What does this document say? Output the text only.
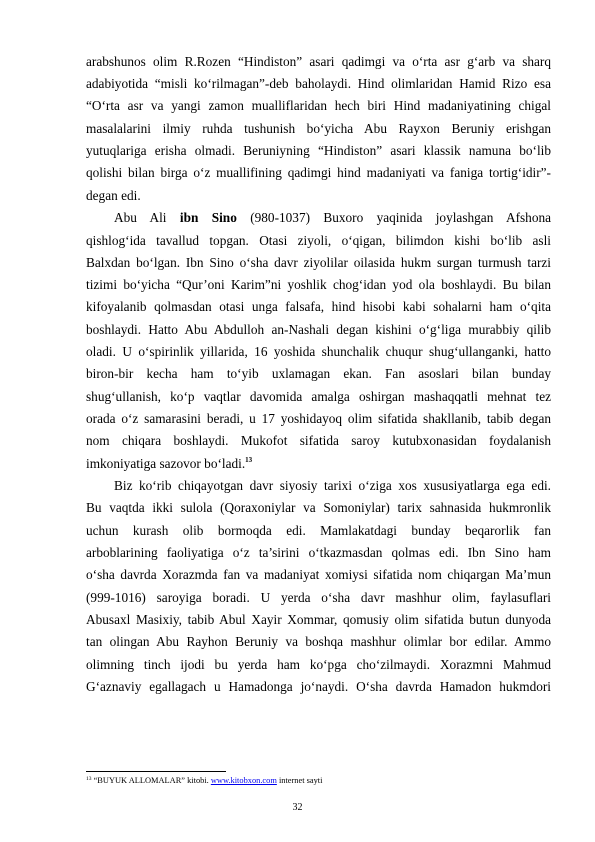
arabshunos olim R.Rozen “Hindiston” asari qadimgi va o‘rta asr g‘arb va sharq
adabiyotida “misli ko‘rilmagan”-deb baholaydi. Hind olimlaridan Hamid Rizo esa
“O‘rta asr va yangi zamon mualliflaridan hech biri Hind madaniyatining chigal
masalalarini ilmiy ruhda tushunish bo‘yicha Abu Rayxon Beruniy erishgan
yutuqlariga erisha olmadi. Beruniyning “Hindiston” asari klassik namuna bo‘lib
qolishi bilan birga o‘z muallifining qadimgi hind madaniyati va faniga tortig‘idir”-
degan edi.
Abu Ali ibn Sino (980-1037) Buxoro yaqinida joylashgan Afshona
qishlog‘ida tavallud topgan. Otasi ziyoli, o‘qigan, bilimdon kishi bo‘lib asli
Balxdan bo‘lgan. Ibn Sino o‘sha davr ziyolilar oilasida hukm surgan turmush tarzi
tizimi bo‘yicha “Qur’oni Karim”ni yoshlik chog‘idan yod ola boshlaydi. Bu bilan
kifoyalanib qolmasdan otasi unga falsafa, hind hisobi kabi sohalarni ham o‘qita
boshlaydi. Hatto Abu Abdulloh an-Nashali degan kishini o‘g‘liga murabbiy qilib
oladi. U o‘spirinlik yillarida, 16 yoshida shunchalik chuqur shug‘ullanganki, hatto
biron-bir kecha ham to‘yib uxlamagan ekan. Fan asoslari bilan bunday
shug‘ullanish, ko‘p vaqtlar davomida amalga oshirgan mashaqqatli mehnat tez
orada o‘z samarasini beradi, u 17 yoshidayoq olim sifatida shakllanib, tabib degan
nom chiqara boshlaydi. Mukofot sifatida saroy kutubxonasidan foydalanish
imkoniyatiga sazovor bo‘ladi.$^{13}$
Biz ko‘rib chiqayotgan davr siyosiy tarixi o‘ziga xos xususiyatlarga ega edi.
Bu vaqtda ikki sulola (Qoraxoniylar va Somoniylar) tarix sahnasida hukmronlik
uchun kurash olib bormoqda edi. Mamlakatdagi bunday beqarorlik fan
arboblarining faoliyatiga o‘z ta’sirini o‘tkazmasdan qolmas edi. Ibn Sino ham
o‘sha davrda Xorazmda fan va madaniyat xomiysi sifatida nom chiqargan Ma’mun
(999-1016) saroyiga boradi. U yerda o‘sha davr mashhur olim, faylasuflari
Abusaxl Masixiy, tabib Abul Xayir Xommar, qomusiy olim sifatida butun dunyoda
tan olingan Abu Rayhon Beruniy va boshqa mashhur olimlar bor edilar. Ammo
olimning tinch ijodi bu yerda ham ko‘pga cho‘zilmaydi. Xorazmni Mahmud
G‘aznaviy egallagach u Hamadonga jo‘naydi. O‘sha davrda Hamadon hukmdori
$^{13}$ “BUYUK ALLOMALAR” kitobi. www.kitobxon.com internet sayti
32
